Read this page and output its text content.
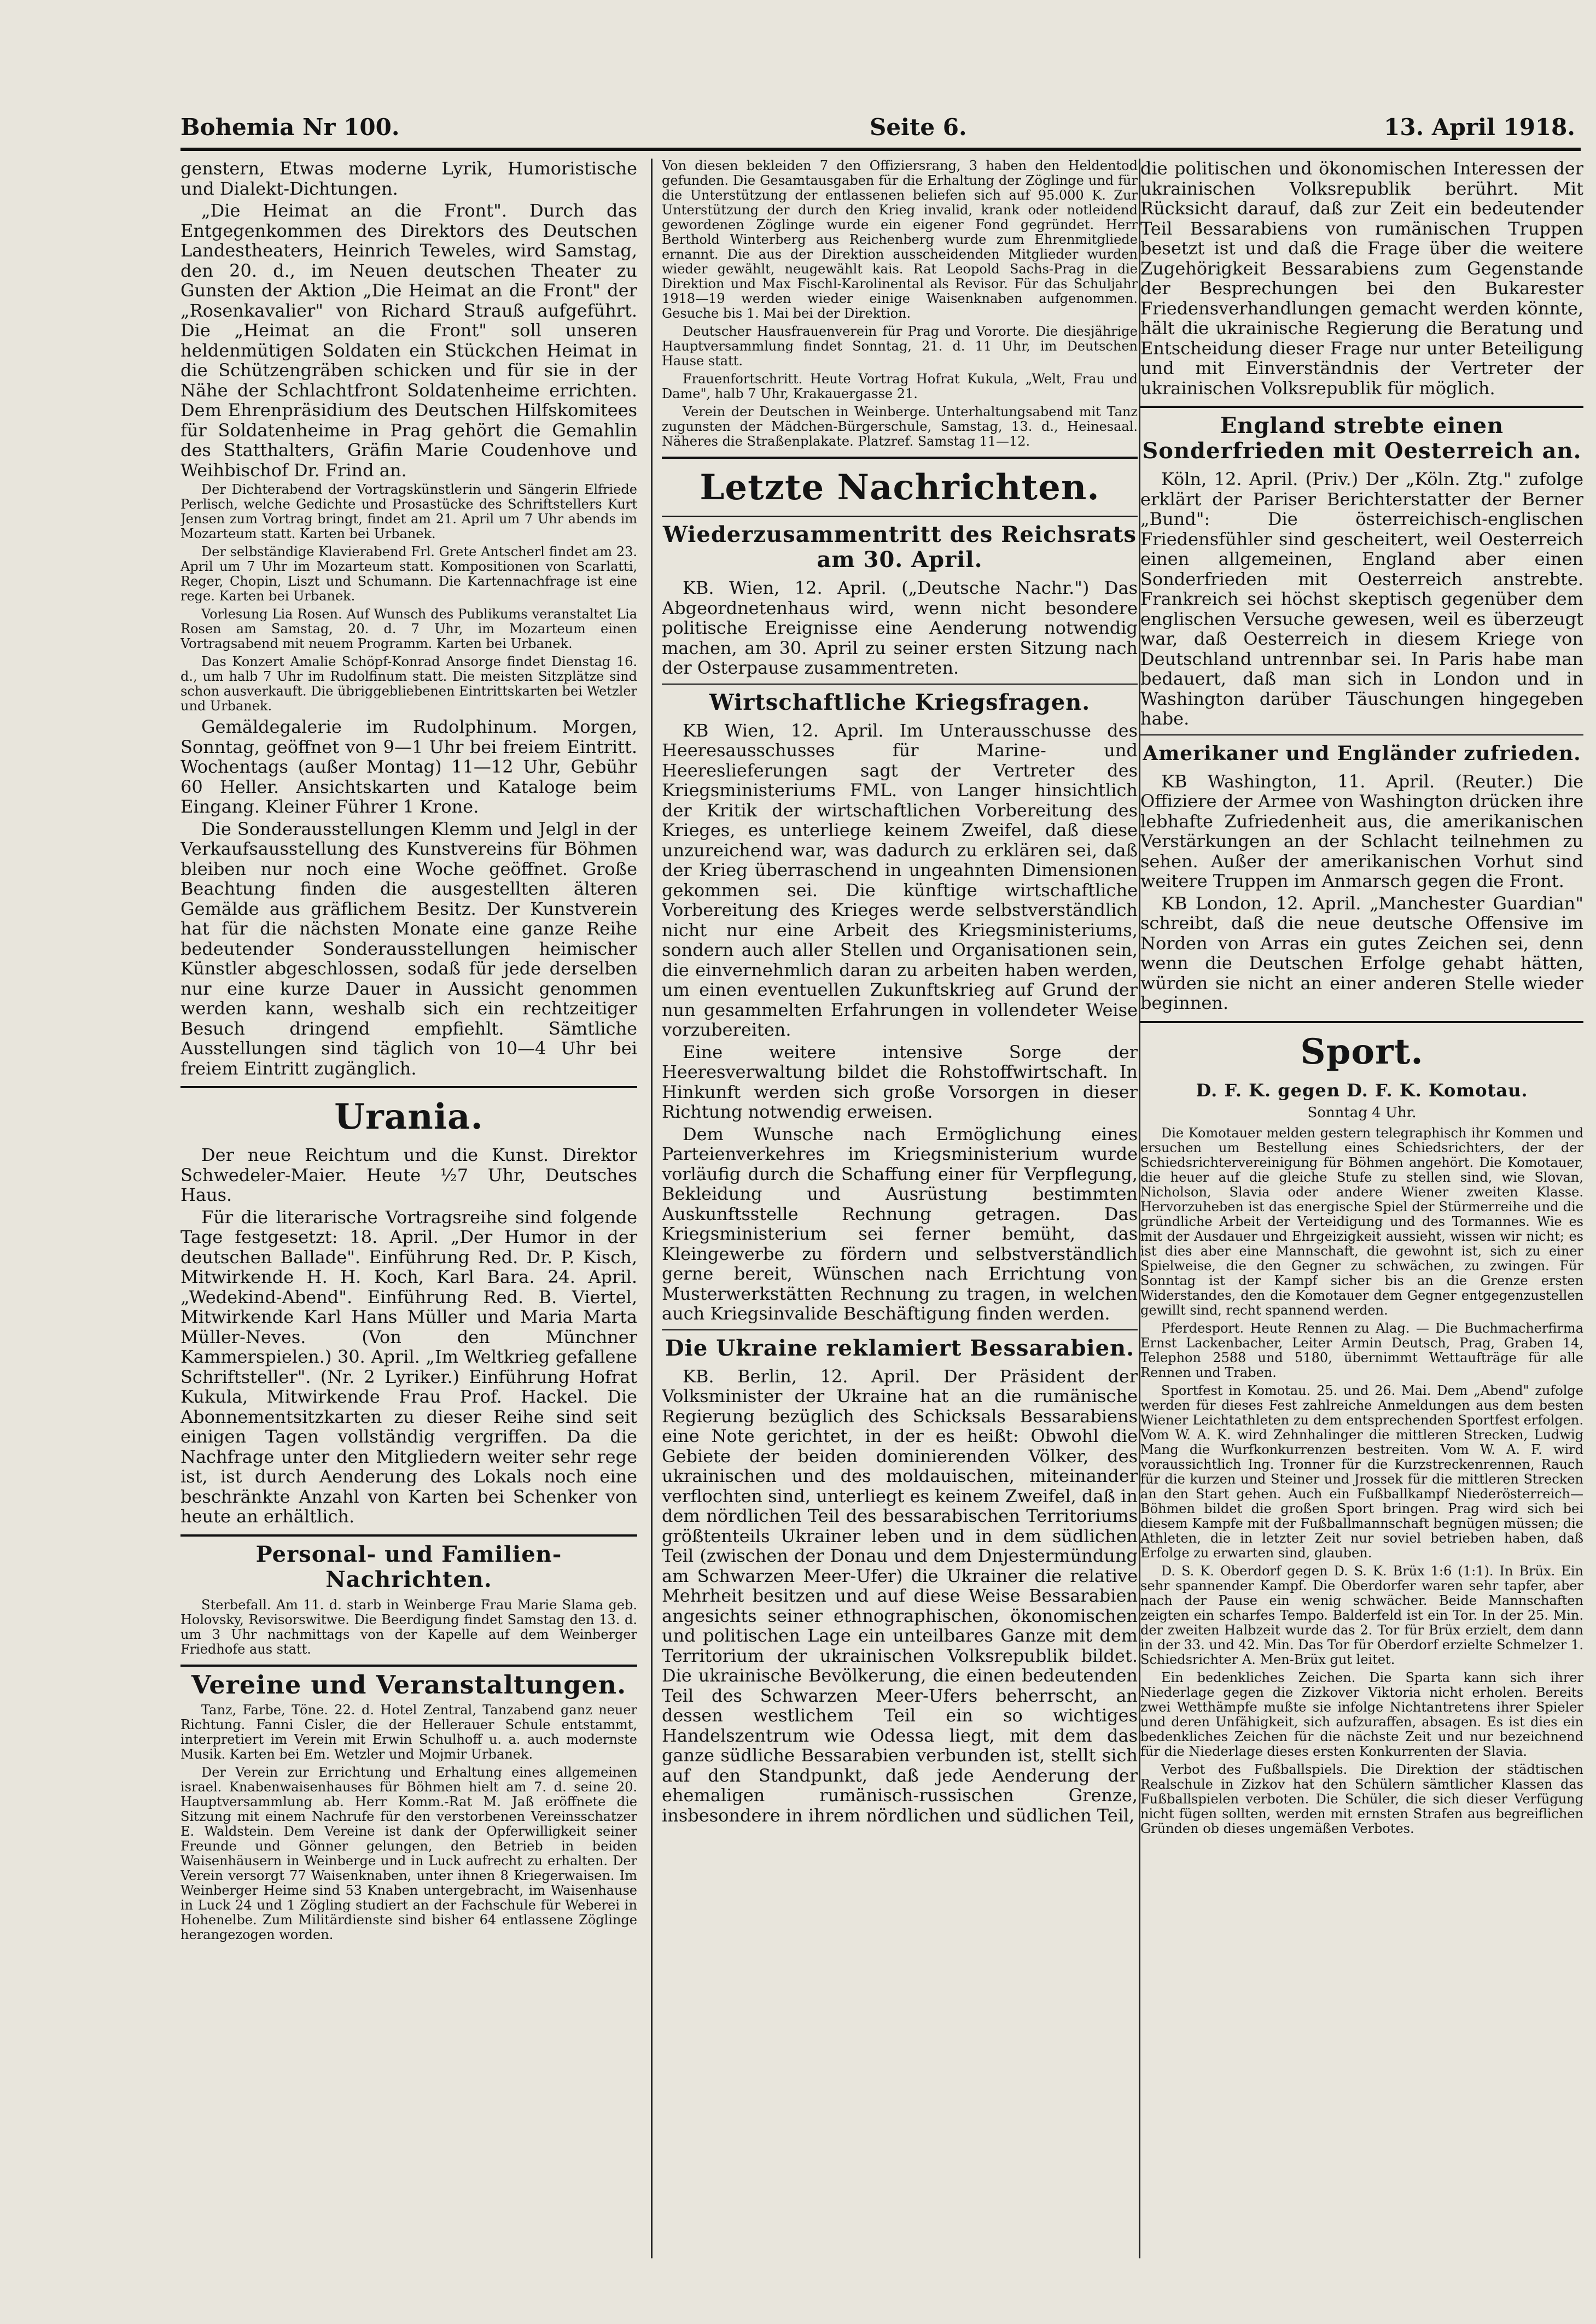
Bohemia Nr 100.	Seite 6.	13. April 1918.

genstern, Etwas moderne Lyrik, Humoristische und Dialekt-Dichtungen.

„Die Heimat an die Front". Durch das Entgegenkommen des Direktors des Deutschen Landestheaters, Heinrich Teweles, wird Samstag, den 20. d., im Neuen deutschen Theater zu Gunsten der Aktion „Die Heimat an die Front" der „Rosenkavalier" von Richard Strauß aufgeführt. Die „Heimat an die Front" soll unseren heldenmütigen Soldaten ein Stückchen Heimat in die Schützengräben schicken und für sie in der Nähe der Schlachtfront Soldatenheime errichten. Dem Ehrenpräsidium des Deutschen Hilfskomitees für Soldatenheime in Prag gehört die Gemahlin des Statthalters, Gräfin Marie Coudenhove und Weihbischof Dr. Frind an.

Der Dichterabend der Vortragskünstlerin und Sängerin Elfriede Perlisch, welche Gedichte und Prosastücke des Schriftstellers Kurt Jensen zum Vortrag bringt, findet am 21. April um 7 Uhr abends im Mozarteum statt. Karten bei Urbanek.

Der selbständige Klavierabend Frl. Grete Antscherl findet am 23. April um 7 Uhr im Mozarteum statt. Kompositionen von Scarlatti, Reger, Chopin, Liszt und Schumann. Die Kartennachfrage ist eine rege. Karten bei Urbanek.

Vorlesung Lia Rosen. Auf Wunsch des Publikums veranstaltet Lia Rosen am Samstag, 20. d. 7 Uhr, im Mozarteum einen Vortragsabend mit neuem Programm. Karten bei Urbanek.

Das Konzert Amalie Schöpf-Konrad Ansorge findet Dienstag 16. d., um halb 7 Uhr im Rudolfinum statt. Die meisten Sitzplätze sind schon ausverkauft. Die übriggebliebenen Eintrittskarten bei Wetzler und Urbanek.

Gemäldegalerie im Rudolphinum. Morgen, Sonntag, geöffnet von 9—1 Uhr bei freiem Eintritt. Wochentags (außer Montag) 11—12 Uhr, Gebühr 60 Heller. Ansichtskarten und Kataloge beim Eingang. Kleiner Führer 1 Krone.

Die Sonderausstellungen Klemm und Jelgl in der Verkaufsausstellung des Kunstvereins für Böhmen bleiben nur noch eine Woche geöffnet. Große Beachtung finden die ausgestellten älteren Gemälde aus gräflichem Besitz. Der Kunstverein hat für die nächsten Monate eine ganze Reihe bedeutender Sonderausstellungen heimischer Künstler abgeschlossen, sodaß für jede derselben nur eine kurze Dauer in Aussicht genommen werden kann, weshalb sich ein rechtzeitiger Besuch dringend empfiehlt. Sämtliche Ausstellungen sind täglich von 10—4 Uhr bei freiem Eintritt zugänglich.

Urania.

Der neue Reichtum und die Kunst. Direktor Schwedeler-Maier. Heute ½7 Uhr, Deutsches Haus.

Für die literarische Vortragsreihe sind folgende Tage festgesetzt: 18. April. „Der Humor in der deutschen Ballade". Einführung Red. Dr. P. Kisch, Mitwirkende H. H. Koch, Karl Bara. 24. April. „Wedekind-Abend". Einführung Red. B. Viertel, Mitwirkende Karl Hans Müller und Maria Marta Müller-Neves. (Von den Münchner Kammerspielen.) 30. April. „Im Weltkrieg gefallene Schriftsteller". (Nr. 2 Lyriker.) Einführung Hofrat Kukula, Mitwirkende Frau Prof. Hackel. Die Abonnementsitzkarten zu dieser Reihe sind seit einigen Tagen vollständig vergriffen. Da die Nachfrage unter den Mitgliedern weiter sehr rege ist, ist durch Aenderung des Lokals noch eine beschränkte Anzahl von Karten bei Schenker von heute an erhältlich.

Personal- und Familien-Nachrichten.

Sterbefall. Am 11. d. starb in Weinberge Frau Marie Slama geb. Holovsky, Revisorswitwe. Die Beerdigung findet Samstag den 13. d. um 3 Uhr nachmittags von der Kapelle auf dem Weinberger Friedhofe aus statt.

Vereine und Veranstaltungen.

Tanz, Farbe, Töne. 22. d. Hotel Zentral, Tanzabend ganz neuer Richtung. Fanni Cisler, die der Hellerauer Schule entstammt, interpretiert im Verein mit Erwin Schulhoff u. a. auch modernste Musik. Karten bei Em. Wetzler und Mojmir Urbanek.

Der Verein zur Errichtung und Erhaltung eines allgemeinen israel. Knabenwaisenhauses für Böhmen hielt am 7. d. seine 20. Hauptversammlung ab. Herr Komm.-Rat M. Jaß eröffnete die Sitzung mit einem Nachrufe für den verstorbenen Vereinsschatzer E. Waldstein. Dem Vereine ist dank der Opferwilligkeit seiner Freunde und Gönner gelungen, den Betrieb in beiden Waisenhäusern in Weinberge und in Luck aufrecht zu erhalten. Der Verein versorgt 77 Waisenknaben, unter ihnen 8 Kriegerwaisen. Im Weinberger Heime sind 53 Knaben untergebracht, im Waisenhause in Luck 24 und 1 Zögling studiert an der Fachschule für Weberei in Hohenelbe. Zum Militärdienste sind bisher 64 entlassene Zöglinge herangezogen worden.

Von diesen bekleiden 7 den Offiziersrang, 3 haben den Heldentod gefunden. Die Gesamtausgaben für die Erhaltung der Zöglinge und für die Unterstützung der entlassenen beliefen sich auf 95.000 K. Zur Unterstützung der durch den Krieg invalid, krank oder notleidend gewordenen Zöglinge wurde ein eigener Fond gegründet. Herr Berthold Winterberg aus Reichenberg wurde zum Ehrenmitgliede ernannt. Die aus der Direktion ausscheidenden Mitglieder wurden wieder gewählt, neugewählt kais. Rat Leopold Sachs-Prag in die Direktion und Max Fischl-Karolinental als Revisor. Für das Schuljahr 1918—19 werden wieder einige Waisenknaben aufgenommen. Gesuche bis 1. Mai bei der Direktion.

Deutscher Hausfrauenverein für Prag und Vororte. Die diesjährige Hauptversammlung findet Sonntag, 21. d. 11 Uhr, im Deutschen Hause statt.

Frauenfortschritt. Heute Vortrag Hofrat Kukula, „Welt, Frau und Dame", halb 7 Uhr, Krakauergasse 21.

Verein der Deutschen in Weinberge. Unterhaltungsabend mit Tanz zugunsten der Mädchen-Bürgerschule, Samstag, 13. d., Heinesaal. Näheres die Straßenplakate. Platzref. Samstag 11—12.

Letzte Nachrichten.
Wiederzusammentritt des Reichsrats am 30. April.

KB. Wien, 12. April. („Deutsche Nachr.") Das Abgeordnetenhaus wird, wenn nicht besondere politische Ereignisse eine Aenderung notwendig machen, am 30. April zu seiner ersten Sitzung nach der Osterpause zusammentreten.

Wirtschaftliche Kriegsfragen.

KB Wien, 12. April. Im Unterausschusse des Heeresausschusses für Marine- und Heereslieferungen sagt der Vertreter des Kriegsministeriums FML. von Langer hinsichtlich der Kritik der wirtschaftlichen Vorbereitung des Krieges, es unterliege keinem Zweifel, daß diese unzureichend war, was dadurch zu erklären sei, daß der Krieg überraschend in ungeahnten Dimensionen gekommen sei. Die künftige wirtschaftliche Vorbereitung des Krieges werde selbstverständlich nicht nur eine Arbeit des Kriegsministeriums, sondern auch aller Stellen und Organisationen sein, die einvernehmlich daran zu arbeiten haben werden, um einen eventuellen Zukunftskrieg auf Grund der nun gesammelten Erfahrungen in vollendeter Weise vorzubereiten.

Eine weitere intensive Sorge der Heeresverwaltung bildet die Rohstoffwirtschaft. In Hinkunft werden sich große Vorsorgen in dieser Richtung notwendig erweisen.

Dem Wunsche nach Ermöglichung eines Parteienverkehres im Kriegsministerium wurde vorläufig durch die Schaffung einer für Verpflegung, Bekleidung und Ausrüstung bestimmten Auskunftsstelle Rechnung getragen. Das Kriegsministerium sei ferner bemüht, das Kleingewerbe zu fördern und selbstverständlich gerne bereit, Wünschen nach Errichtung von Musterwerkstätten Rechnung zu tragen, in welchen auch Kriegsinvalide Beschäftigung finden werden.

Die Ukraine reklamiert Bessarabien.

KB. Berlin, 12. April. Der Präsident der Volksminister der Ukraine hat an die rumänische Regierung bezüglich des Schicksals Bessarabiens eine Note gerichtet, in der es heißt: Obwohl die Gebiete der beiden dominierenden Völker, des ukrainischen und des moldauischen, miteinander verflochten sind, unterliegt es keinem Zweifel, daß in dem nördlichen Teil des bessarabischen Territoriums größtenteils Ukrainer leben und in dem südlichen Teil (zwischen der Donau und dem Dnjestermündung am Schwarzen Meer-Ufer) die Ukrainer die relative Mehrheit besitzen und auf diese Weise Bessarabien angesichts seiner ethnographischen, ökonomischen und politischen Lage ein unteilbares Ganze mit dem Territorium der ukrainischen Volksrepublik bildet. Die ukrainische Bevölkerung, die einen bedeutenden Teil des Schwarzen Meer-Ufers beherrscht, an dessen westlichem Teil ein so wichtiges Handelszentrum wie Odessa liegt, mit dem das ganze südliche Bessarabien verbunden ist, stellt sich auf den Standpunkt, daß jede Aenderung der ehemaligen rumänisch-russischen Grenze, insbesondere in ihrem nördlichen und südlichen Teil,

die politischen und ökonomischen Interessen der ukrainischen Volksrepublik berührt. Mit Rücksicht darauf, daß zur Zeit ein bedeutender Teil Bessarabiens von rumänischen Truppen besetzt ist und daß die Frage über die weitere Zugehörigkeit Bessarabiens zum Gegenstande der Besprechungen bei den Bukarester Friedensverhandlungen gemacht werden könnte, hält die ukrainische Regierung die Beratung und Entscheidung dieser Frage nur unter Beteiligung und mit Einverständnis der Vertreter der ukrainischen Volksrepublik für möglich.

England strebte einen Sonderfrieden mit Oesterreich an.

Köln, 12. April. (Priv.) Der „Köln. Ztg." zufolge erklärt der Pariser Berichterstatter der Berner „Bund": Die österreichisch-englischen Friedensfühler sind gescheitert, weil Oesterreich einen allgemeinen, England aber einen Sonderfrieden mit Oesterreich anstrebte. Frankreich sei höchst skeptisch gegenüber dem englischen Versuche gewesen, weil es überzeugt war, daß Oesterreich in diesem Kriege von Deutschland untrennbar sei. In Paris habe man bedauert, daß man sich in London und in Washington darüber Täuschungen hingegeben habe.

Amerikaner und Engländer zufrieden.

KB Washington, 11. April. (Reuter.) Die Offiziere der Armee von Washington drücken ihre lebhafte Zufriedenheit aus, die amerikanischen Verstärkungen an der Schlacht teilnehmen zu sehen. Außer der amerikanischen Vorhut sind weitere Truppen im Anmarsch gegen die Front.

KB London, 12. April. „Manchester Guardian" schreibt, daß die neue deutsche Offensive im Norden von Arras ein gutes Zeichen sei, denn wenn die Deutschen Erfolge gehabt hätten, würden sie nicht an einer anderen Stelle wieder beginnen.

Sport.
D. F. K. gegen D. F. K. Komotau.
Sonntag 4 Uhr.

Die Komotauer melden gestern telegraphisch ihr Kommen und ersuchen um Bestellung eines Schiedsrichters, der der Schiedsrichtervereinigung für Böhmen angehört. Die Komotauer, die heuer auf die gleiche Stufe zu stellen sind, wie Slovan, Nicholson, Slavia oder andere Wiener zweiten Klasse. Hervorzuheben ist das energische Spiel der Stürmerreihe und die gründliche Arbeit der Verteidigung und des Tormannes. Wie es mit der Ausdauer und Ehrgeizigkeit aussieht, wissen wir nicht; es ist dies aber eine Mannschaft, die gewohnt ist, sich zu einer Spielweise, die den Gegner zu schwächen, zu zwingen. Für Sonntag ist der Kampf sicher bis an die Grenze ersten Widerstandes, den die Komotauer dem Gegner entgegenzustellen gewillt sind, recht spannend werden.

Pferdesport. Heute Rennen zu Alag. — Die Buchmacherfirma Ernst Lackenbacher, Leiter Armin Deutsch, Prag, Graben 14, Telephon 2588 und 5180, übernimmt Wettaufträge für alle Rennen und Traben.

Sportfest in Komotau. 25. und 26. Mai. Dem „Abend" zufolge werden für dieses Fest zahlreiche Anmeldungen aus dem besten Wiener Leichtathleten zu dem entsprechenden Sportfest erfolgen. Vom W. A. K. wird Zehnhalinger die mittleren Strecken, Ludwig Mang die Wurfkonkurrenzen bestreiten. Vom W. A. F. wird voraussichtlich Ing. Tronner für die Kurzstreckenrennen, Rauch für die kurzen und Steiner und Jrossek für die mittleren Strecken an den Start gehen. Auch ein Fußballkampf Niederösterreich—Böhmen bildet die großen Sport bringen. Prag wird sich bei diesem Kampfe mit der Fußballmannschaft begnügen müssen; die Athleten, die in letzter Zeit nur soviel betrieben haben, daß Erfolge zu erwarten sind, glauben.

D. S. K. Oberdorf gegen D. S. K. Brüx 1:6 (1:1). In Brüx. Ein sehr spannender Kampf. Die Oberdorfer waren sehr tapfer, aber nach der Pause ein wenig schwächer. Beide Mannschaften zeigten ein scharfes Tempo. Balderfeld ist ein Tor. In der 25. Min. der zweiten Halbzeit wurde das 2. Tor für Brüx erzielt, dem dann in der 33. und 42. Min. Das Tor für Oberdorf erzielte Schmelzer 1. Schiedsrichter A. Men-Brüx gut leitet.

Ein bedenkliches Zeichen. Die Sparta kann sich ihrer Niederlage gegen die Zizkover Viktoria nicht erholen. Bereits zwei Wetthämpfe mußte sie infolge Nichtantretens ihrer Spieler und deren Unfähigkeit, sich aufzuraffen, absagen. Es ist dies ein bedenkliches Zeichen für die nächste Zeit und nur bezeichnend für die Niederlage dieses ersten Konkurrenten der Slavia.

Verbot des Fußballspiels. Die Direktion der städtischen Realschule in Zizkov hat den Schülern sämtlicher Klassen das Fußballspielen verboten. Die Schüler, die sich dieser Verfügung nicht fügen sollten, werden mit ernsten Strafen aus begreiflichen Gründen ob dieses ungemäßen Verbotes.
